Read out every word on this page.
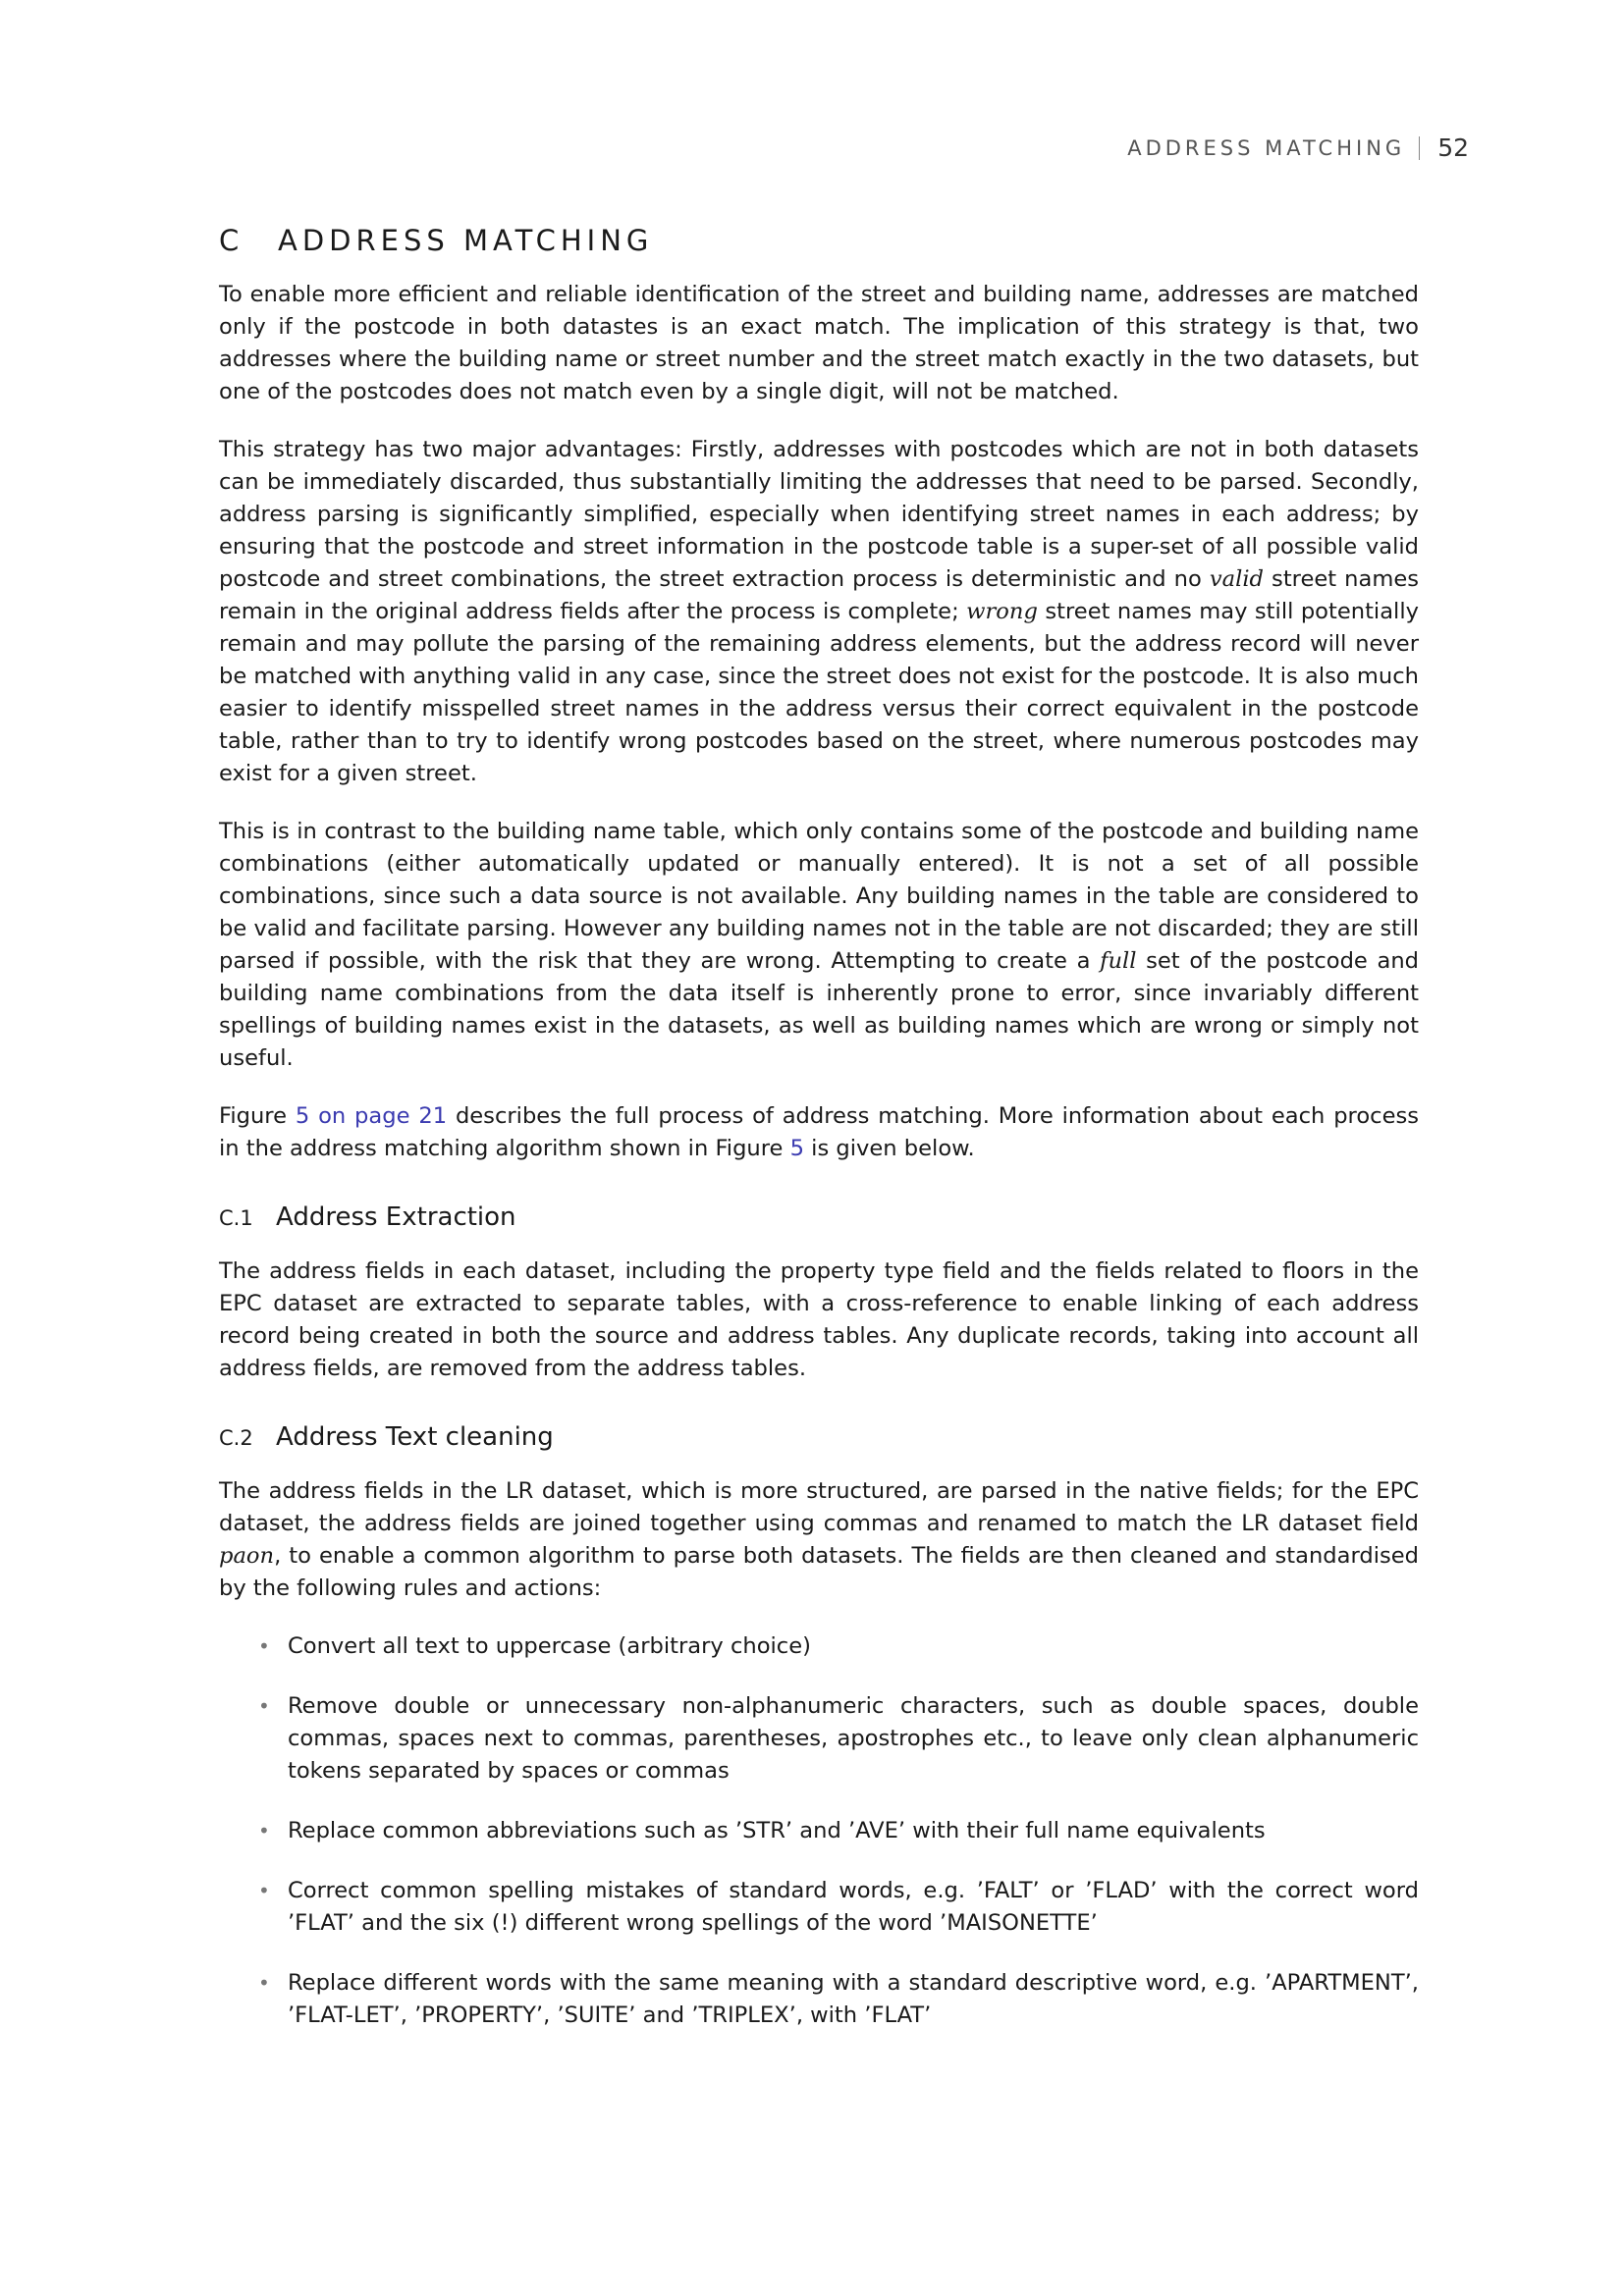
ADDRESS MATCHING 52
C	ADDRESS MATCHING

To enable more efficient and reliable identification of the street and building name, addresses are matched only if the postcode in both datastes is an exact match. The implication of this strategy is that, two addresses where the building name or street number and the street match exactly in the two datasets, but one of the postcodes does not match even by a single digit, will not be matched.

This strategy has two major advantages: Firstly, addresses with postcodes which are not in both datasets can be immediately discarded, thus substantially limiting the addresses that need to be parsed. Secondly, address parsing is significantly simplified, especially when identifying street names in each address; by ensuring that the postcode and street information in the postcode table is a super-set of all possible valid postcode and street combinations, the street extraction process is deterministic and no valid street names remain in the original address fields after the process is complete; wrong street names may still potentially remain and may pollute the parsing of the remaining address elements, but the address record will never be matched with anything valid in any case, since the street does not exist for the postcode. It is also much easier to identify misspelled street names in the address versus their correct equivalent in the postcode table, rather than to try to identify wrong postcodes based on the street, where numerous postcodes may exist for a given street.

This is in contrast to the building name table, which only contains some of the postcode and building name combinations (either automatically updated or manually entered). It is not a set of all possible combinations, since such a data source is not available. Any building names in the table are considered to be valid and facilitate parsing. However any building names not in the table are not discarded; they are still parsed if possible, with the risk that they are wrong. Attempting to create a full set of the postcode and building name combinations from the data itself is inherently prone to error, since invariably different spellings of building names exist in the datasets, as well as building names which are wrong or simply not useful.

Figure 5 on page 21 describes the full process of address matching. More information about each process in the address matching algorithm shown in Figure 5 is given below.

C.1 Address Extraction

The address fields in each dataset, including the property type field and the fields related to floors in the EPC dataset are extracted to separate tables, with a cross-reference to enable linking of each address record being created in both the source and address tables. Any duplicate records, taking into account all address fields, are removed from the address tables.

C.2 Address Text cleaning

The address fields in the LR dataset, which is more structured, are parsed in the native fields; for the EPC dataset, the address fields are joined together using commas and renamed to match the LR dataset field paon, to enable a common algorithm to parse both datasets. The fields are then cleaned and standardised by the following rules and actions:

• Convert all text to uppercase (arbitrary choice)
• Remove double or unnecessary non-alphanumeric characters, such as double spaces, double commas, spaces next to commas, parentheses, apostrophes etc., to leave only clean alphanumeric tokens separated by spaces or commas
• Replace common abbreviations such as ’STR’ and ’AVE’ with their full name equivalents
• Correct common spelling mistakes of standard words, e.g. ’FALT’ or ’FLAD’ with the correct word ’FLAT’ and the six (!) different wrong spellings of the word ’MAISONETTE’
• Replace different words with the same meaning with a standard descriptive word, e.g. ’APARTMENT’, ’FLAT-LET’, ’PROPERTY’, ’SUITE’ and ’TRIPLEX’, with ’FLAT’
